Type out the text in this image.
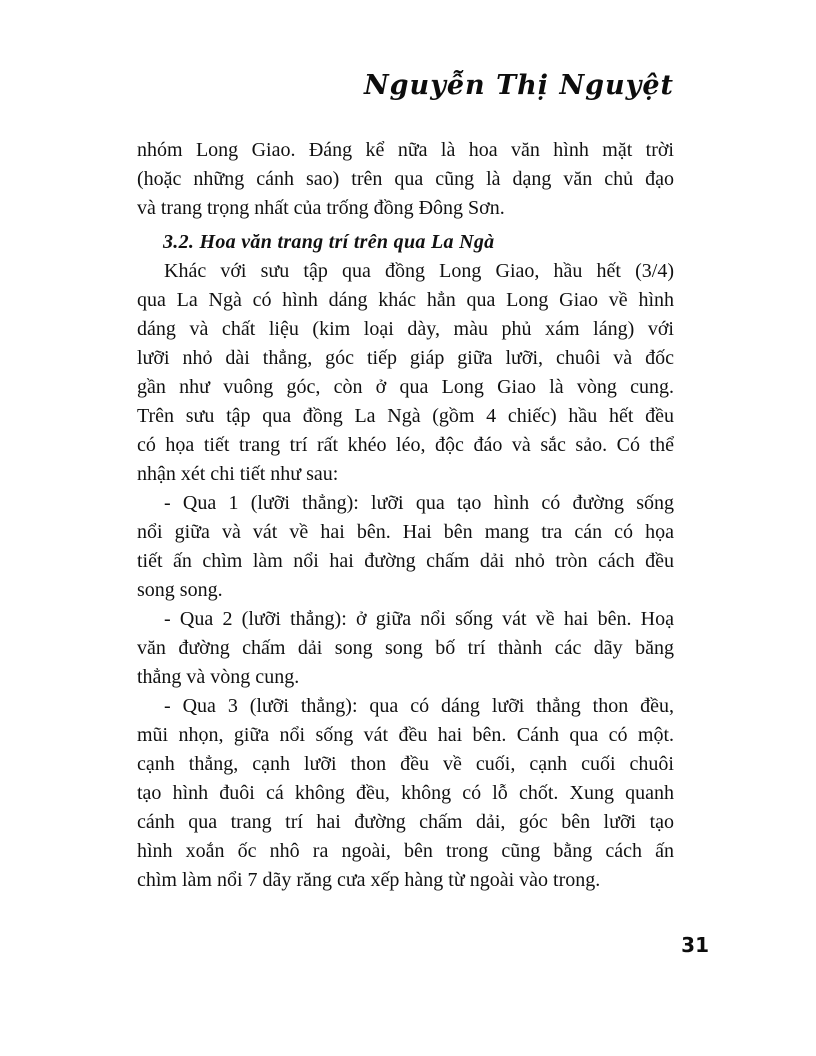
Nguyễn Thị Nguyệt
nhóm Long Giao. Đáng kể nữa là hoa văn hình mặt trời
(hoặc những cánh sao) trên qua cũng là dạng văn chủ đạo
và trang trọng nhất của trống đồng Đông Sơn.
3.2. Hoa văn trang trí trên qua La Ngà
Khác với sưu tập qua đồng Long Giao, hầu hết (3/4)
qua La Ngà có hình dáng khác hẳn qua Long Giao về hình
dáng và chất liệu (kim loại dày, màu phủ xám láng) với
lưỡi nhỏ dài thẳng, góc tiếp giáp giữa lưỡi, chuôi và đốc
gần như vuông góc, còn ở qua Long Giao là vòng cung.
Trên sưu tập qua đồng La Ngà (gồm 4 chiếc) hầu hết đều
có họa tiết trang trí rất khéo léo, độc đáo và sắc sảo. Có thể
nhận xét chi tiết như sau:
- Qua 1 (lưỡi thẳng): lưỡi qua tạo hình có đường sống
nổi giữa và vát về hai bên. Hai bên mang tra cán có họa
tiết ấn chìm làm nổi hai đường chấm dải nhỏ tròn cách đều
song song.
- Qua 2 (lưỡi thẳng): ở giữa nổi sống vát về hai bên. Hoạ
văn đường chấm dải song song bố trí thành các dãy băng
thẳng và vòng cung.
- Qua 3 (lưỡi thẳng): qua có dáng lưỡi thẳng thon đều,
mũi nhọn, giữa nổi sống vát đều hai bên. Cánh qua có một.
cạnh thẳng, cạnh lưỡi thon đều về cuối, cạnh cuối chuôi
tạo hình đuôi cá không đều, không có lỗ chốt. Xung quanh
cánh qua trang trí hai đường chấm dải, góc bên lưỡi tạo
hình xoắn ốc nhô ra ngoài, bên trong cũng bằng cách ấn
chìm làm nổi 7 dãy răng cưa xếp hàng từ ngoài vào trong.
31
